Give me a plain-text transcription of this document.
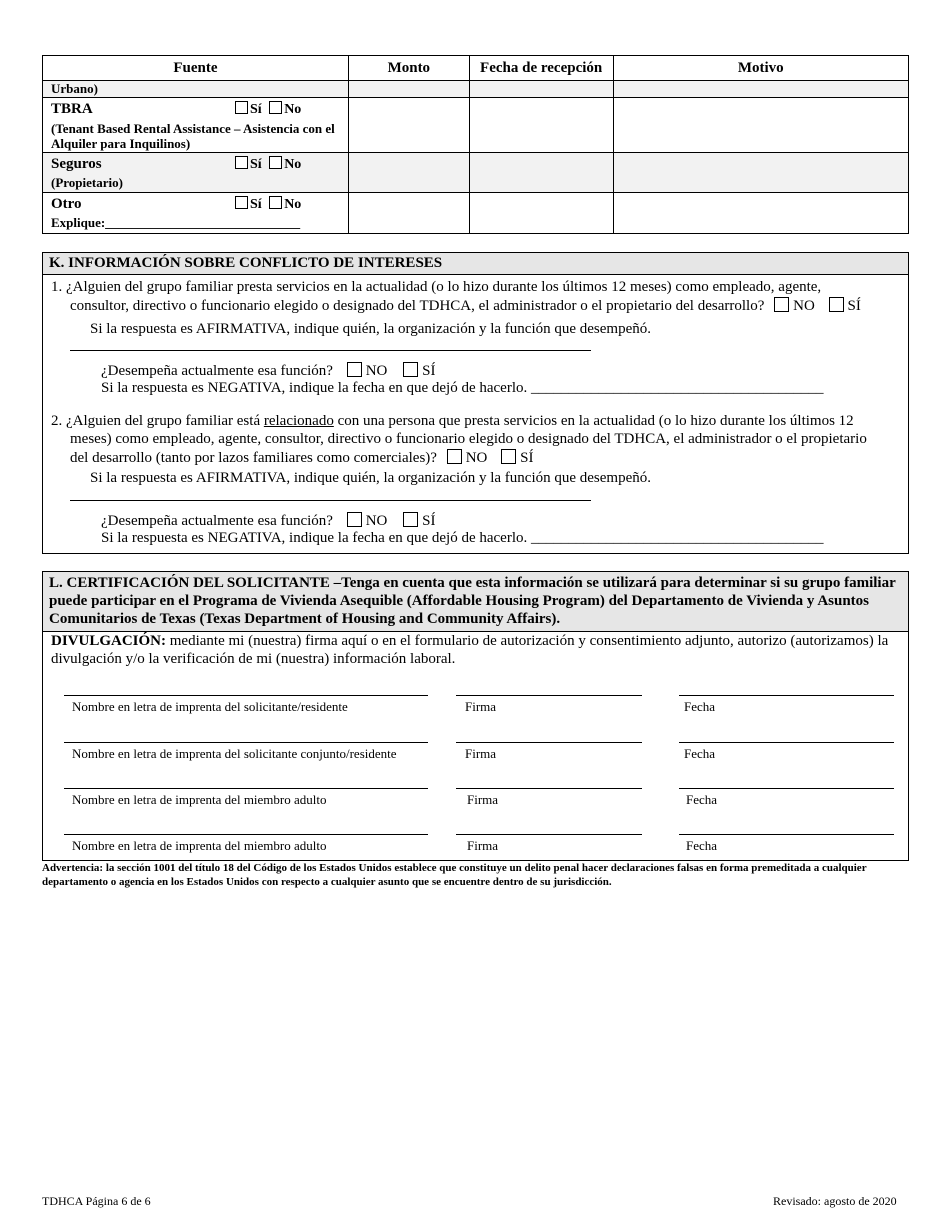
Fuente	Monto	Fecha de recepción	Motivo
Urbano)			

TBRA Sí No
(Tenant Based Rental Assistance – Asistencia con el Alquiler para Inquilinos)			

Seguros Sí No
(Propietario)			

Otro Sí No
Explique:______________________________			

K. INFORMACIÓN SOBRE CONFLICTO DE INTERESES
1. ¿Alguien del grupo familiar presta servicios en la actualidad (o lo hizo durante los últimos 12 meses) como empleado, agente,
consultor, directivo o funcionario elegido o designado del TDHCA, el administrador o el propietario del desarrollo? NO SÍ
Si la respuesta es AFIRMATIVA, indique quién, la organización y la función que desempeñó.
¿Desempeña actualmente esa función? NO SÍ
Si la respuesta es NEGATIVA, indique la fecha en que dejó de hacerlo. _______________________________________
2. ¿Alguien del grupo familiar está relacionado con una persona que presta servicios en la actualidad (o lo hizo durante los últimos 12
meses) como empleado, agente, consultor, directivo o funcionario elegido o designado del TDHCA, el administrador o el propietario
del desarrollo (tanto por lazos familiares como comerciales)? NO SÍ
Si la respuesta es AFIRMATIVA, indique quién, la organización y la función que desempeñó.
¿Desempeña actualmente esa función? NO SÍ
Si la respuesta es NEGATIVA, indique la fecha en que dejó de hacerlo. _______________________________________
L. CERTIFICACIÓN DEL SOLICITANTE –Tenga en cuenta que esta información se utilizará para determinar si su grupo familiar puede participar en el Programa de Vivienda Asequible (Affordable Housing Program) del Departamento de Vivienda y Asuntos Comunitarios de Texas (Texas Department of Housing and Community Affairs).
DIVULGACIÓN: mediante mi (nuestra) firma aquí o en el formulario de autorización y consentimiento adjunto, autorizo (autorizamos) la divulgación y/o la verificación de mi (nuestra) información laboral.
Nombre en letra de imprenta del solicitante/residente	Firma	Fecha
Nombre en letra de imprenta del solicitante conjunto/residente	Firma	Fecha
Nombre en letra de imprenta del miembro adulto	Firma	Fecha
Nombre en letra de imprenta del miembro adulto	Firma	Fecha
Advertencia: la sección 1001 del título 18 del Código de los Estados Unidos establece que constituye un delito penal hacer declaraciones falsas en forma premeditada a cualquier departamento o agencia en los Estados Unidos con respecto a cualquier asunto que se encuentre dentro de su jurisdicción.
TDHCA Página 6 de 6	Revisado: agosto de 2020
